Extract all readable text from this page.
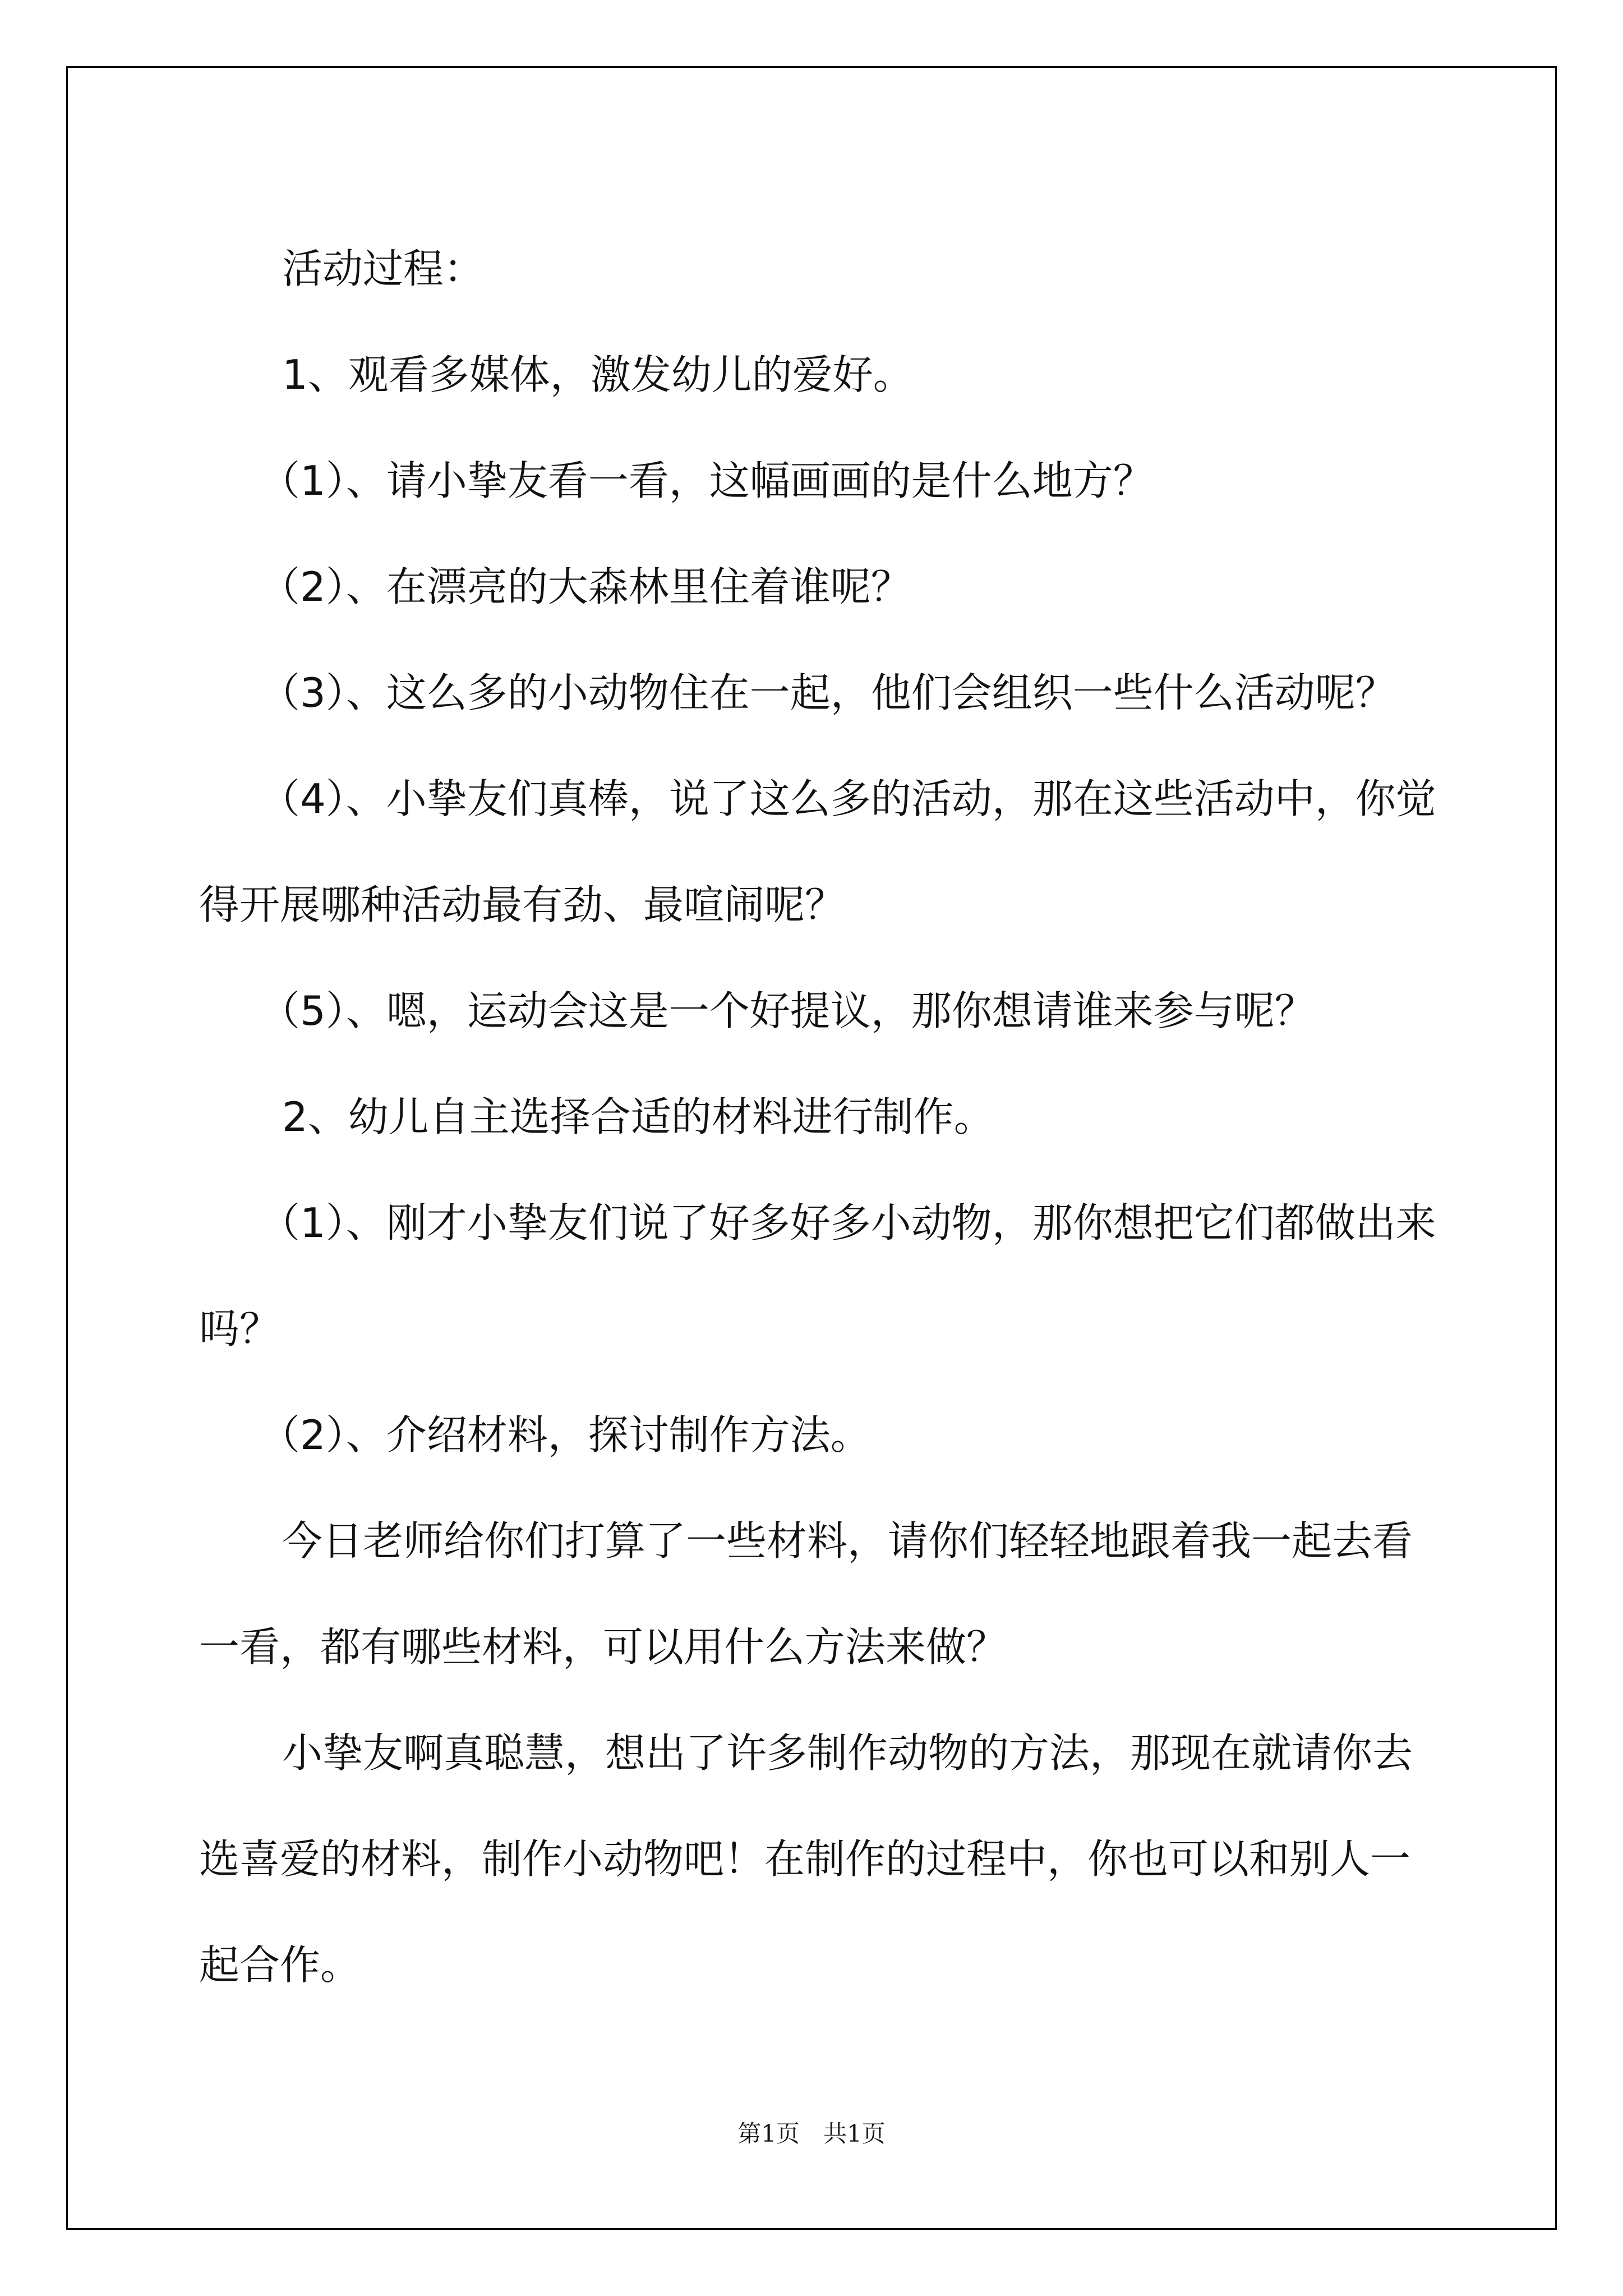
活动过程：

1、观看多媒体，激发幼儿的爱好。

（1）、请小挚友看一看，这幅画画的是什么地方？

（2）、在漂亮的大森林里住着谁呢？

（3）、这么多的小动物住在一起，他们会组织一些什么活动呢？

（4）、小挚友们真棒，说了这么多的活动，那在这些活动中，你觉得开展哪种活动最有劲、最喧闹呢？

（5）、嗯，运动会这是一个好提议，那你想请谁来参与呢？

2、幼儿自主选择合适的材料进行制作。

（1）、刚才小挚友们说了好多好多小动物，那你想把它们都做出来吗？

（2）、介绍材料，探讨制作方法。

今日老师给你们打算了一些材料，请你们轻轻地跟着我一起去看一看，都有哪些材料，可以用什么方法来做？

小挚友啊真聪慧，想出了许多制作动物的方法，那现在就请你去选喜爱的材料，制作小动物吧！在制作的过程中，你也可以和别人一起合作。

第1页　共1页
